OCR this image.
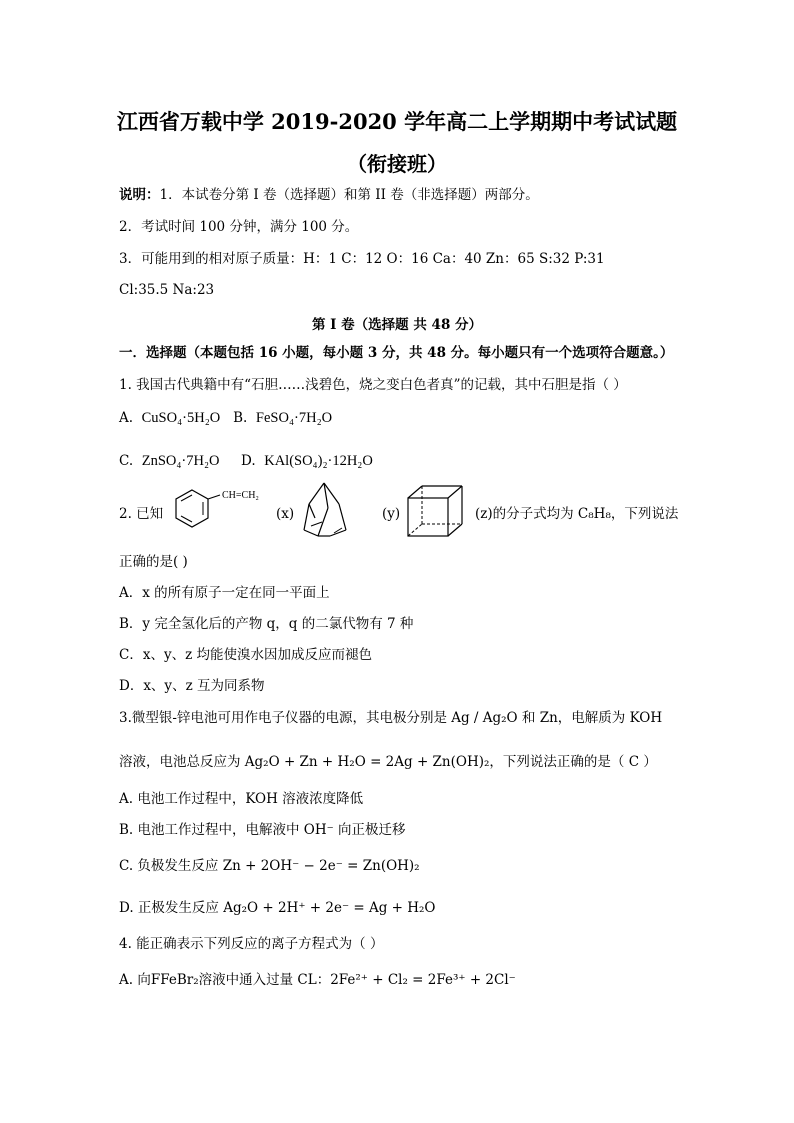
江西省万载中学 2019-2020 学年高二上学期期中考试试题
（衔接班）
说明：1．本试卷分第 I 卷（选择题）和第 II 卷（非选择题）两部分。
2．考试时间 100 分钟，满分 100 分。
3．可能用到的相对原子质量：H：1 C：12 O：16 Ca：40 Zn：65 S:32 P:31
Cl:35.5 Na:23
第 I 卷（选择题 共 48 分）
一．选择题（本题包括 16 小题，每小题 3 分，共 48 分。每小题只有一个选项符合题意。）
1. 我国古代典籍中有“石胆……浅碧色，烧之变白色者真”的记载，其中石胆是指（ ）
A. CuSO₄·5H₂O B. FeSO₄·7H₂O
C. ZnSO₄·7H₂O D. KAl(SO₄)₂·12H₂O
2. 已知
CH=CH₂
(x)	(y)	(z)的分子式均为 C₈H₈，下列说法
正确的是( )
A．x 的所有原子一定在同一平面上
B．y 完全氢化后的产物 q，q 的二氯代物有 7 种
C．x、y、z 均能使溴水因加成反应而褪色
D．x、y、z 互为同系物
3.微型银-锌电池可用作电子仪器的电源，其电极分别是 Ag / Ag₂O 和 Zn，电解质为 KOH
溶液，电池总反应为 Ag₂O + Zn + H₂O = 2Ag + Zn(OH)₂，下列说法正确的是（ C ）
A. 电池工作过程中，KOH 溶液浓度降低
B. 电池工作过程中，电解液中 OH⁻ 向正极迁移
C. 负极发生反应 Zn + 2OH⁻ − 2e⁻ = Zn(OH)₂
D. 正极发生反应 Ag₂O + 2H⁺ + 2e⁻ = Ag + H₂O
4. 能正确表示下列反应的离子方程式为（ ）
A. 向FFeBr₂溶液中通入过量 CL：2Fe²⁺ + Cl₂ = 2Fe³⁺ + 2Cl⁻
